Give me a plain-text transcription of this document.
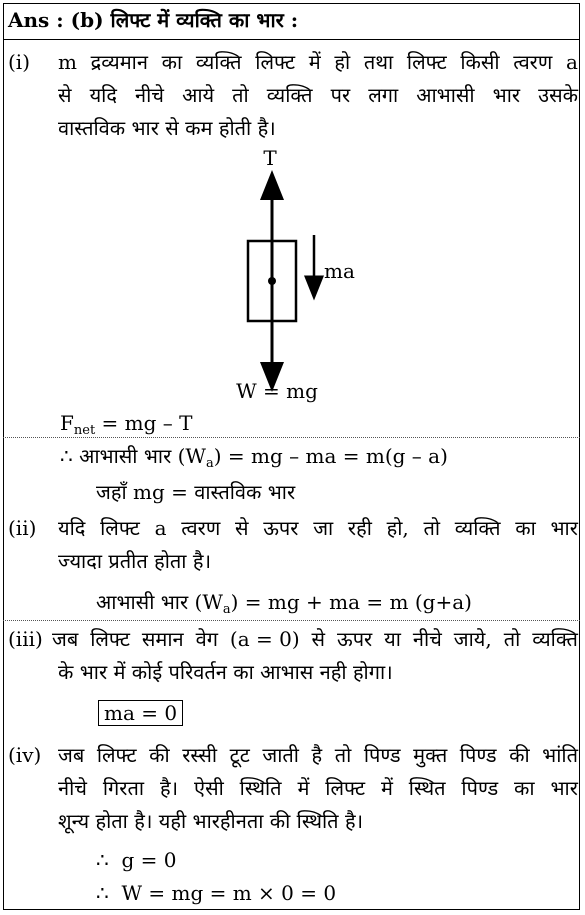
Ans : (b) लिफ्ट में व्यक्ति का भार :
(i) m द्रव्यमान का व्यक्ति लिफ्ट में हो तथा लिफ्ट किसी त्वरण a
से यदि नीचे आये तो व्यक्ति पर लगा आभासी भार उसके
वास्तविक भार से कम होती है।
T
ma
W = mg
$F_{net}$ = mg – T
∴ आभासी भार $(W_a)$ = mg – ma = m(g – a)
जहाँ mg = वास्तविक भार
(ii) यदि लिफ्ट a त्वरण से ऊपर जा रही हो, तो व्यक्ति का भार
ज्यादा प्रतीत होता है।
आभासी भार $(W_a)$ = mg + ma = m (g+a)
(iii) जब लिफ्ट समान वेग (a = 0) से ऊपर या नीचे जाये, तो व्यक्ति
के भार में कोई परिवर्तन का आभास नही होगा।
ma = 0
(iv) जब लिफ्ट की रस्सी टूट जाती है तो पिण्ड मुक्त पिण्ड की भांति
नीचे गिरता है। ऐसी स्थिति में लिफ्ट में स्थित पिण्ड का भार
शून्य होता है। यही भारहीनता की स्थिति है।
∴ g = 0
∴ W = mg = m × 0 = 0
